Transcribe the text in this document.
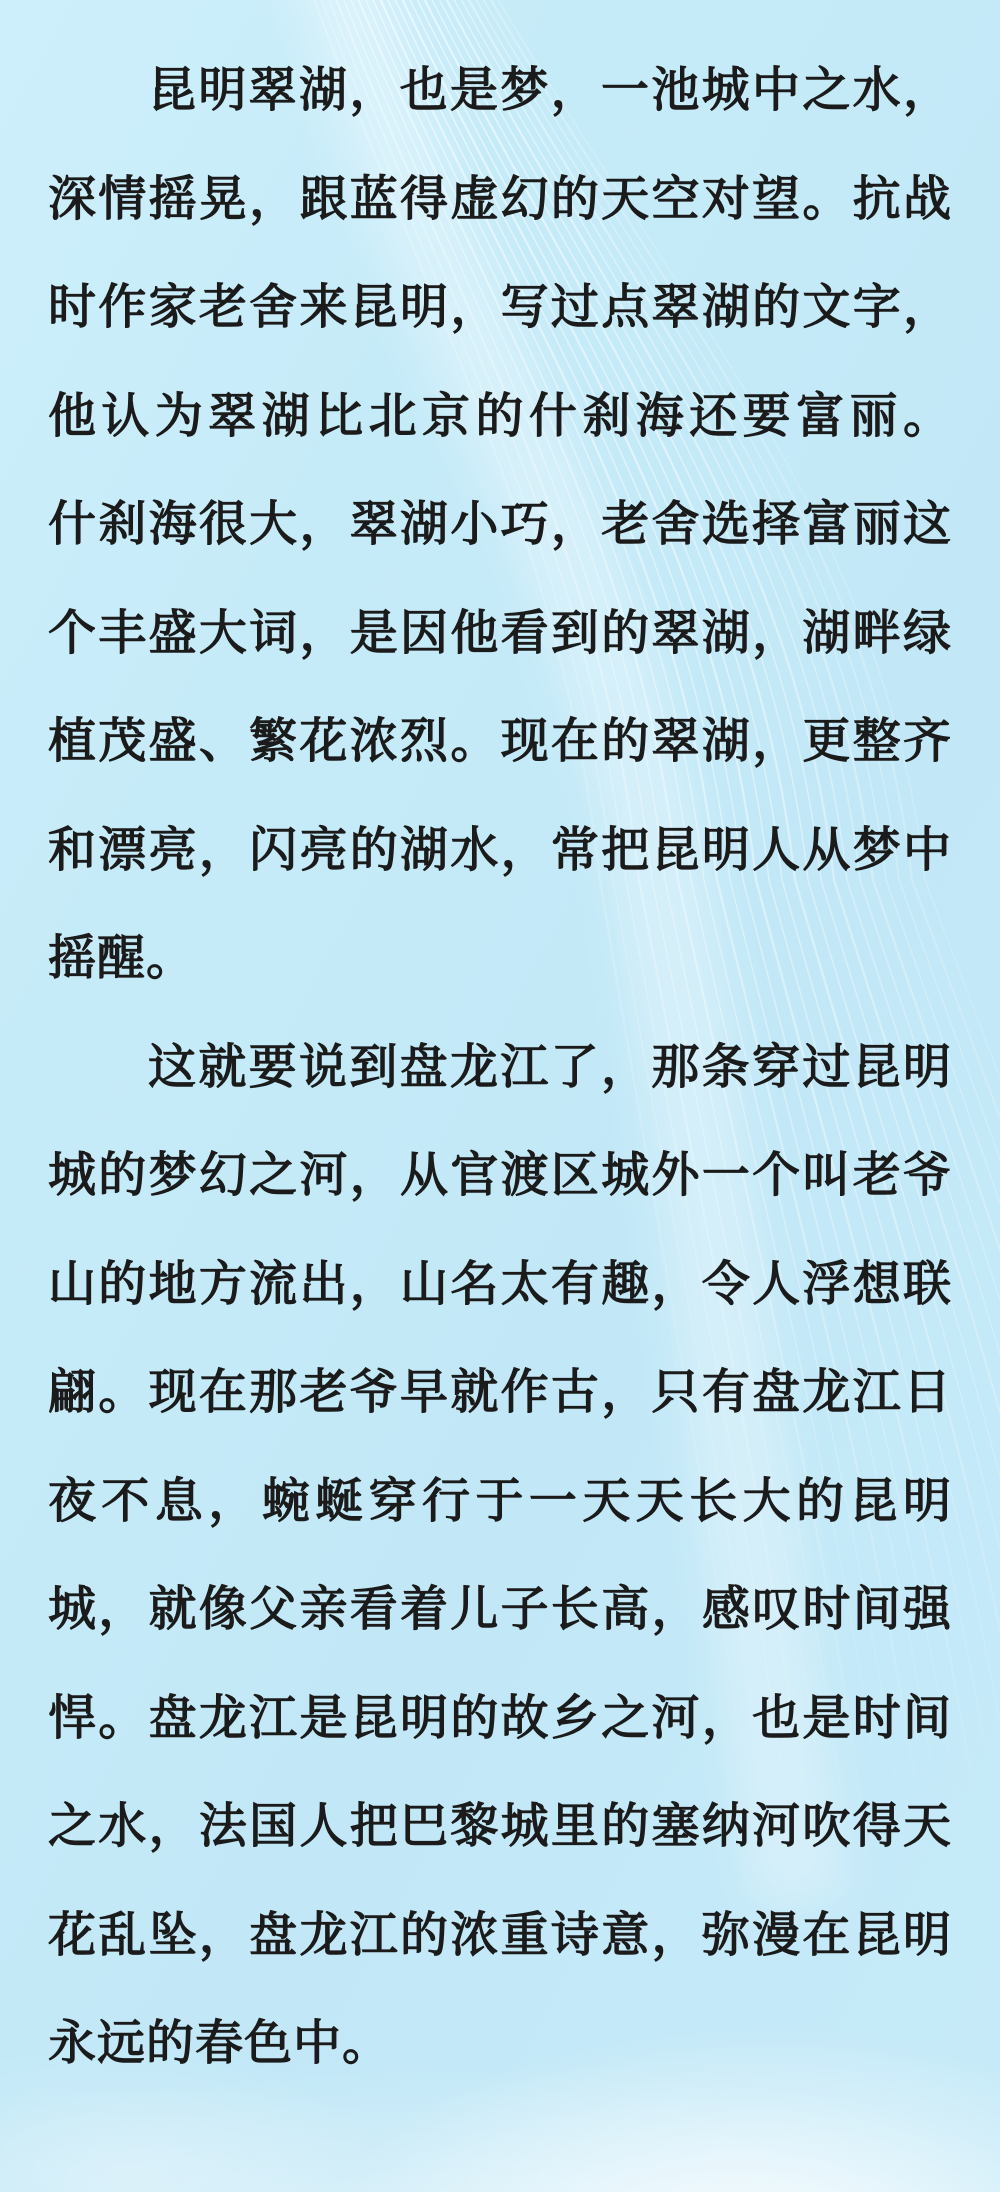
昆明翠湖，也是梦，一池城中之水，
深情摇晃，跟蓝得虚幻的天空对望。抗战
时作家老舍来昆明，写过点翠湖的文字，
他认为翠湖比北京的什刹海还要富丽。
什刹海很大，翠湖小巧，老舍选择富丽这
个丰盛大词，是因他看到的翠湖，湖畔绿
植茂盛、繁花浓烈。现在的翠湖，更整齐
和漂亮，闪亮的湖水，常把昆明人从梦中
摇醒。
这就要说到盘龙江了，那条穿过昆明
城的梦幻之河，从官渡区城外一个叫老爷
山的地方流出，山名太有趣，令人浮想联
翩。现在那老爷早就作古，只有盘龙江日
夜不息，蜿蜒穿行于一天天长大的昆明
城，就像父亲看着儿子长高，感叹时间强
悍。盘龙江是昆明的故乡之河，也是时间
之水，法国人把巴黎城里的塞纳河吹得天
花乱坠，盘龙江的浓重诗意，弥漫在昆明
永远的春色中。
